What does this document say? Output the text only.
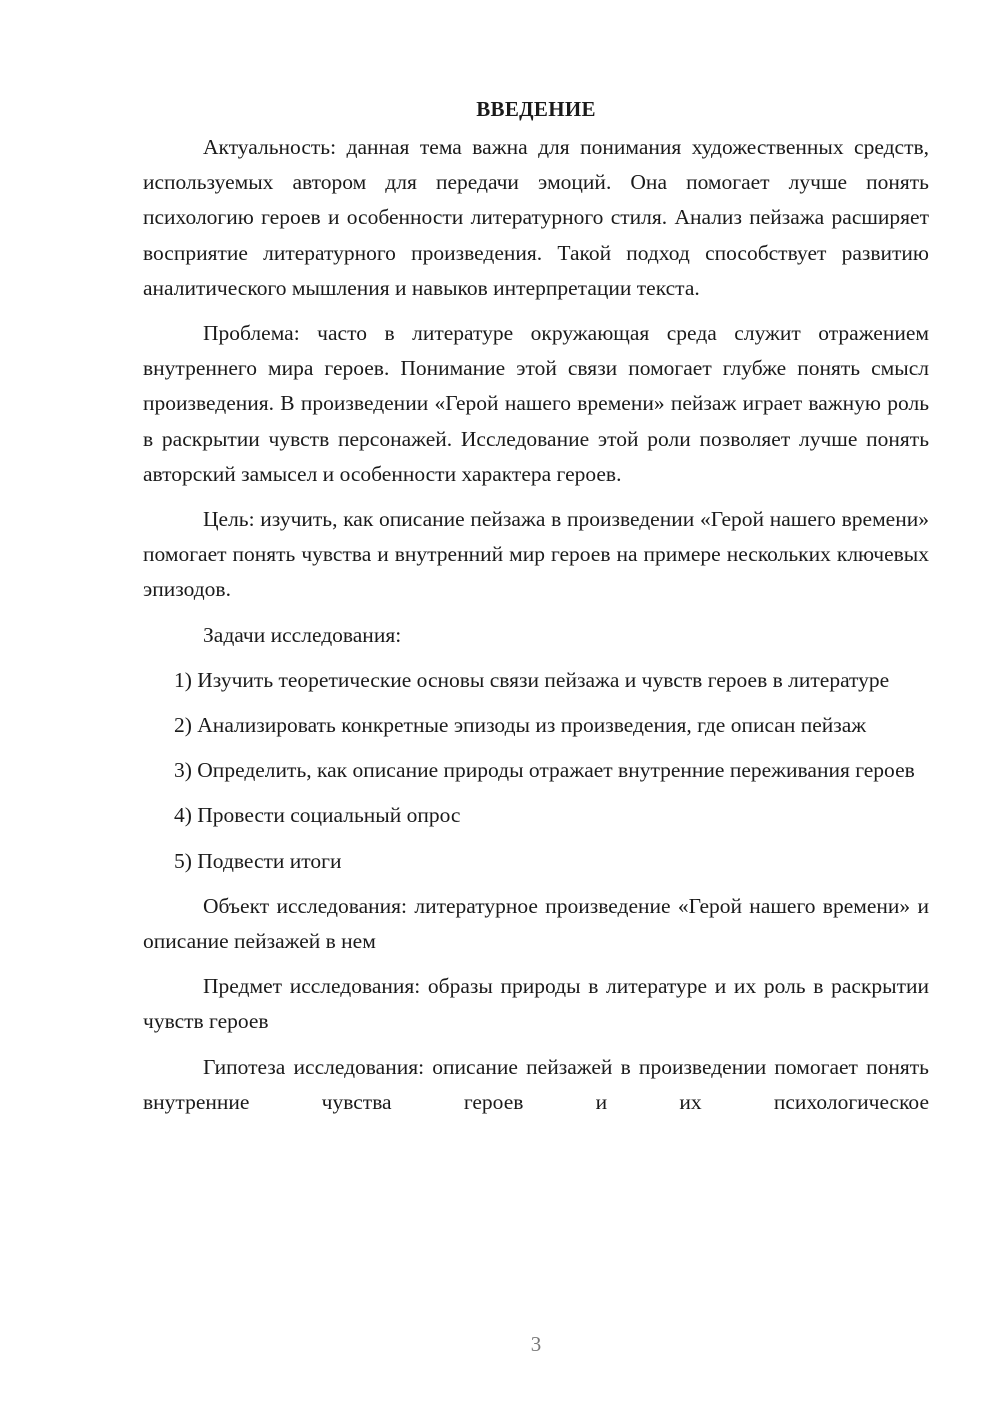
ВВЕДЕНИЕ

Актуальность: данная тема важна для понимания художественных средств, используемых автором для передачи эмоций. Она помогает лучше понять психологию героев и особенности литературного стиля. Анализ пейзажа расширяет восприятие литературного произведения. Такой подход способствует развитию аналитического мышления и навыков интерпретации текста.

Проблема: часто в литературе окружающая среда служит отражением внутреннего мира героев. Понимание этой связи помогает глубже понять смысл произведения. В произведении «Герой нашего времени» пейзаж играет важную роль в раскрытии чувств персонажей. Исследование этой роли позволяет лучше понять авторский замысел и особенности характера героев.

Цель: изучить, как описание пейзажа в произведении «Герой нашего времени» помогает понять чувства и внутренний мир героев на примере нескольких ключевых эпизодов.

Задачи исследования:

1) Изучить теоретические основы связи пейзажа и чувств героев в литературе

2) Анализировать конкретные эпизоды из произведения, где описан пейзаж

3) Определить, как описание природы отражает внутренние переживания героев

4) Провести социальный опрос

5) Подвести итоги

Объект исследования: литературное произведение «Герой нашего времени» и описание пейзажей в нем

Предмет исследования: образы природы в литературе и их роль в раскрытии чувств героев

Гипотеза исследования: описание пейзажей в произведении помогает понять внутренние чувства героев и их психологическое

3
